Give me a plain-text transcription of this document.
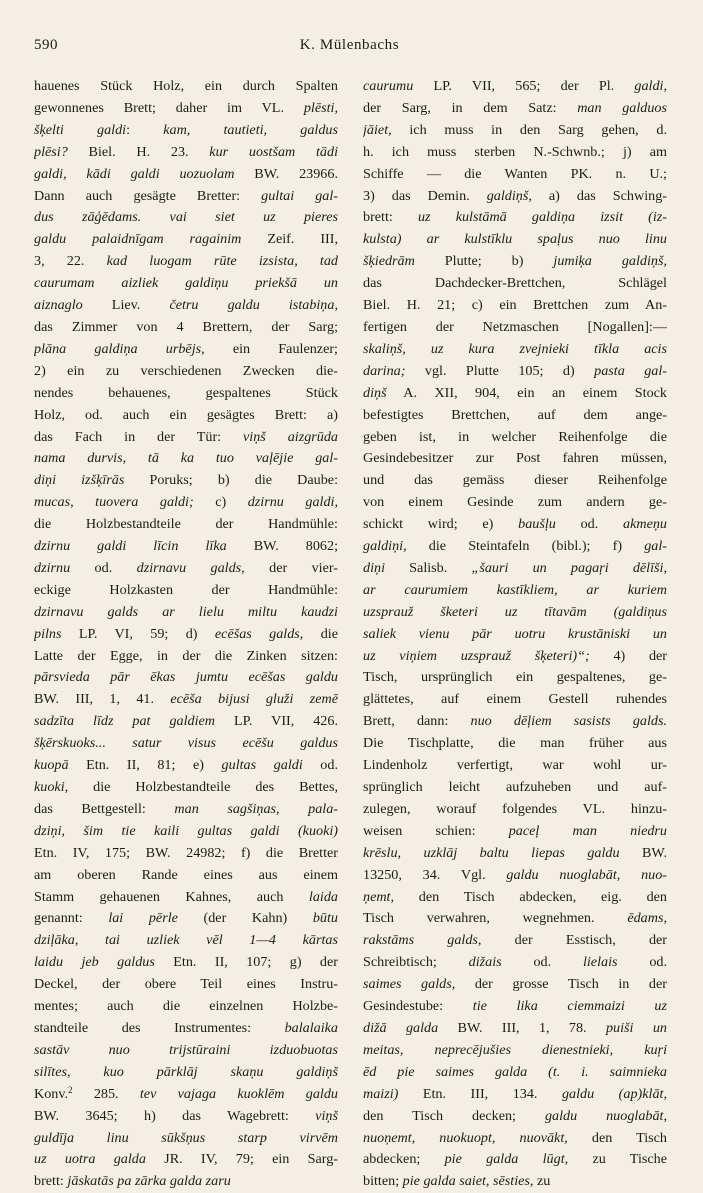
590	K. Mülenbachs
hauenes Stück Holz, ein durch Spalten
gewonnenes Brett; daher im VL. plēsti,
šķelti galdi: kam, tautieti, galdus
plēsi? Biel. H. 23. kur uostšam tādi
galdi, kādi galdi uozuolam BW. 23966.
Dann auch gesägte Bretter: gultai gal-
dus zāģēdams. vai siet uz pieres
galdu palaidnīgam ragainim Zeif. III,
3, 22. kad luogam rūte izsista, tad
caurumam aizliek galdiņu priekšā un
aiznaglo Liev. četru galdu istabiņa,
das Zimmer von 4 Brettern, der Sarg;
plāna galdiņa urbējs, ein Faulenzer;
2) ein zu verschiedenen Zwecken die-
nendes behauenes, gespaltenes Stück
Holz, od. auch ein gesägtes Brett: a)
das Fach in der Tür: viņš aizgrūda
nama durvis, tā ka tuo vaļējie gal-
diņi izšķīrās Poruks; b) die Daube:
mucas, tuovera galdi; c) dzirnu galdi,
die Holzbestandteile der Handmühle:
dzirnu galdi līcin līka BW. 8062;
dzirnu od. dzirnavu galds, der vier-
eckige Holzkasten der Handmühle:
dzirnavu galds ar lielu miltu kaudzi
pilns LP. VI, 59; d) ecēšas galds, die
Latte der Egge, in der die Zinken sitzen:
pārsvieda pār ēkas jumtu ecēšas galdu
BW. III, 1, 41. ecēša bijusi gluži zemē
sadzīta līdz pat galdiem LP. VII, 426.
šķērskuoks... satur visus ecēšu galdus
kuopā Etn. II, 81; e) gultas galdi od.
kuoki, die Holzbestandteile des Bettes,
das Bettgestell: man sagšiņas, pala-
dziņi, šim tie kaili gultas galdi (kuoki)
Etn. IV, 175; BW. 24982; f) die Bretter
am oberen Rande eines aus einem
Stamm gehauenen Kahnes, auch laida
genannt: lai pērle (der Kahn) būtu
dziļāka, tai uzliek vēl 1—4 kārtas
laidu jeb galdus Etn. II, 107; g) der
Deckel, der obere Teil eines Instru-
mentes; auch die einzelnen Holzbe-
standteile des Instrumentes: balalaika
sastāv nuo trijstūraini izduobuotas
silītes, kuo pārklāj skaņu galdiņš
Konv.$^2$ 285. tev vajaga kuoklēm galdu
BW. 3645; h) das Wagebrett: viņš
guldīja linu sūkšņus starp virvēm
uz uotra galda JR. IV, 79; ein Sarg-
brett: jāskatās pa zārka galda zaru
caurumu LP. VII, 565; der Pl. galdi,
der Sarg, in dem Satz: man galduos
jāiet, ich muss in den Sarg gehen, d.
h. ich muss sterben N.-Schwnb.; j) am
Schiffe — die Wanten PK. n. U.;
3) das Demin. galdiņš, a) das Schwing-
brett: uz kulstāmā galdiņa izsit (iz-
kulsta) ar kulstīklu spaļus nuo linu
šķiedrām Plutte; b) jumiķa galdiņš,
das Dachdecker-Brettchen, Schlägel
Biel. H. 21; c) ein Brettchen zum An-
fertigen der Netzmaschen [Nogallen]:—
skaliņš, uz kura zvejnieki tīkla acis
darina; vgl. Plutte 105; d) pasta gal-
diņš A. XII, 904, ein an einem Stock
befestigtes Brettchen, auf dem ange-
geben ist, in welcher Reihenfolge die
Gesindebesitzer zur Post fahren müssen,
und das gemäss dieser Reihenfolge
von einem Gesinde zum andern ge-
schickt wird; e) baušļu od. akmeņu
galdiņi, die Steintafeln (bibl.); f) gal-
diņi Salisb. „šauri un pagaŗi dēlīši,
ar caurumiem kastīkliem, ar kuriem
uzsprauž šketeri uz tītavām (galdiņus
saliek vienu pār uotru krustāniski un
uz viņiem uzsprauž šķeteri)“; 4) der
Tisch, ursprünglich ein gespaltenes, ge-
glättetes, auf einem Gestell ruhendes
Brett, dann: nuo dēļiem sasists galds.
Die Tischplatte, die man früher aus
Lindenholz verfertigt, war wohl ur-
sprünglich leicht aufzuheben und auf-
zulegen, worauf folgendes VL. hinzu-
weisen schien: paceļ man niedru
krēslu, uzklāj baltu liepas galdu BW.
13250, 34. Vgl. galdu nuoglabāt, nuo-
ņemt, den Tisch abdecken, eig. den
Tisch verwahren, wegnehmen. ēdams,
rakstāms galds, der Esstisch, der
Schreibtisch; dižais od. lielais od.
saimes galds, der grosse Tisch in der
Gesindestube: tie lika ciemmaizi uz
dižā galda BW. III, 1, 78. puiši un
meitas, neprecējušies dienestnieki, kuŗi
ēd pie saimes galda (t. i. saimnieka
maizi) Etn. III, 134. galdu (ap)klāt,
den Tisch decken; galdu nuoglabāt,
nuoņemt, nuokuopt, nuovākt, den Tisch
abdecken; pie galda lūgt, zu Tische
bitten; pie galda saiet, sēsties, zu
